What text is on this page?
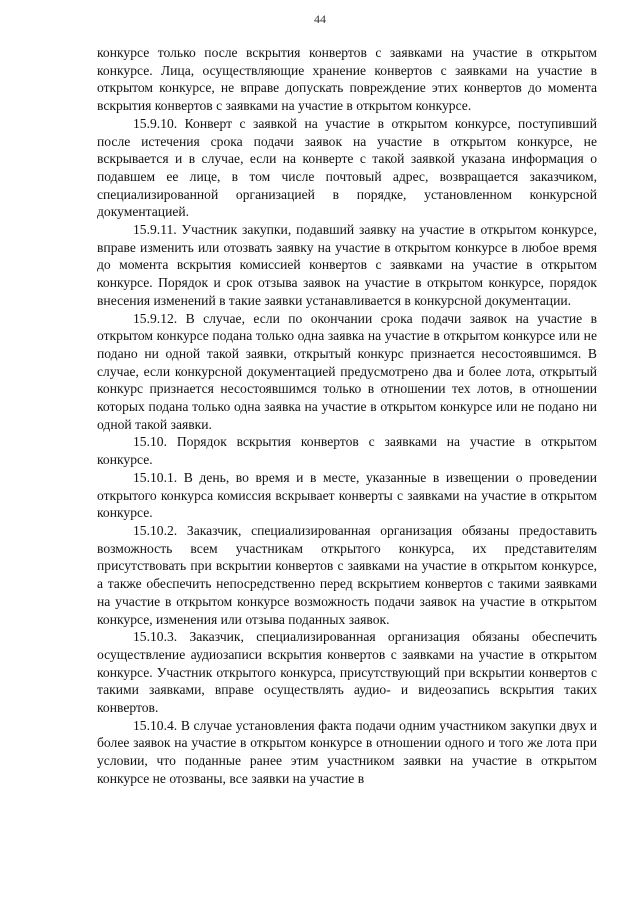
44

конкурсе только после вскрытия конвертов с заявками на участие в открытом конкурсе. Лица, осуществляющие хранение конвертов с заявками на участие в открытом конкурсе, не вправе допускать повреждение этих конвертов до момента вскрытия конвертов с заявками на участие в открытом конкурсе.

15.9.10. Конверт с заявкой на участие в открытом конкурсе, поступивший после истечения срока подачи заявок на участие в открытом конкурсе, не вскрывается и в случае, если на конверте с такой заявкой указана информация о подавшем ее лице, в том числе почтовый адрес, возвращается заказчиком, специализированной организацией в порядке, установленном конкурсной документацией.

15.9.11. Участник закупки, подавший заявку на участие в открытом конкурсе, вправе изменить или отозвать заявку на участие в открытом конкурсе в любое время до момента вскрытия комиссией конвертов с заявками на участие в открытом конкурсе. Порядок и срок отзыва заявок на участие в открытом конкурсе, порядок внесения изменений в такие заявки устанавливается в конкурсной документации.

15.9.12. В случае, если по окончании срока подачи заявок на участие в открытом конкурсе подана только одна заявка на участие в открытом конкурсе или не подано ни одной такой заявки, открытый конкурс признается несостоявшимся. В случае, если конкурсной документацией предусмотрено два и более лота, открытый конкурс признается несостоявшимся только в отношении тех лотов, в отношении которых подана только одна заявка на участие в открытом конкурсе или не подано ни одной такой заявки.

15.10. Порядок вскрытия конвертов с заявками на участие в открытом конкурсе.

15.10.1. В день, во время и в месте, указанные в извещении о проведении открытого конкурса комиссия вскрывает конверты с заявками на участие в открытом конкурсе.

15.10.2. Заказчик, специализированная организация обязаны предоставить возможность всем участникам открытого конкурса, их представителям присутствовать при вскрытии конвертов с заявками на участие в открытом конкурсе, а также обеспечить непосредственно перед вскрытием конвертов с такими заявками на участие в открытом конкурсе возможность подачи заявок на участие в открытом конкурсе, изменения или отзыва поданных заявок.

15.10.3. Заказчик, специализированная организация обязаны обеспечить осуществление аудиозаписи вскрытия конвертов с заявками на участие в открытом конкурсе. Участник открытого конкурса, присутствующий при вскрытии конвертов с такими заявками, вправе осуществлять аудио- и видеозапись вскрытия таких конвертов.

15.10.4. В случае установления факта подачи одним участником закупки двух и более заявок на участие в открытом конкурсе в отношении одного и того же лота при условии, что поданные ранее этим участником заявки на участие в открытом конкурсе не отозваны, все заявки на участие в
